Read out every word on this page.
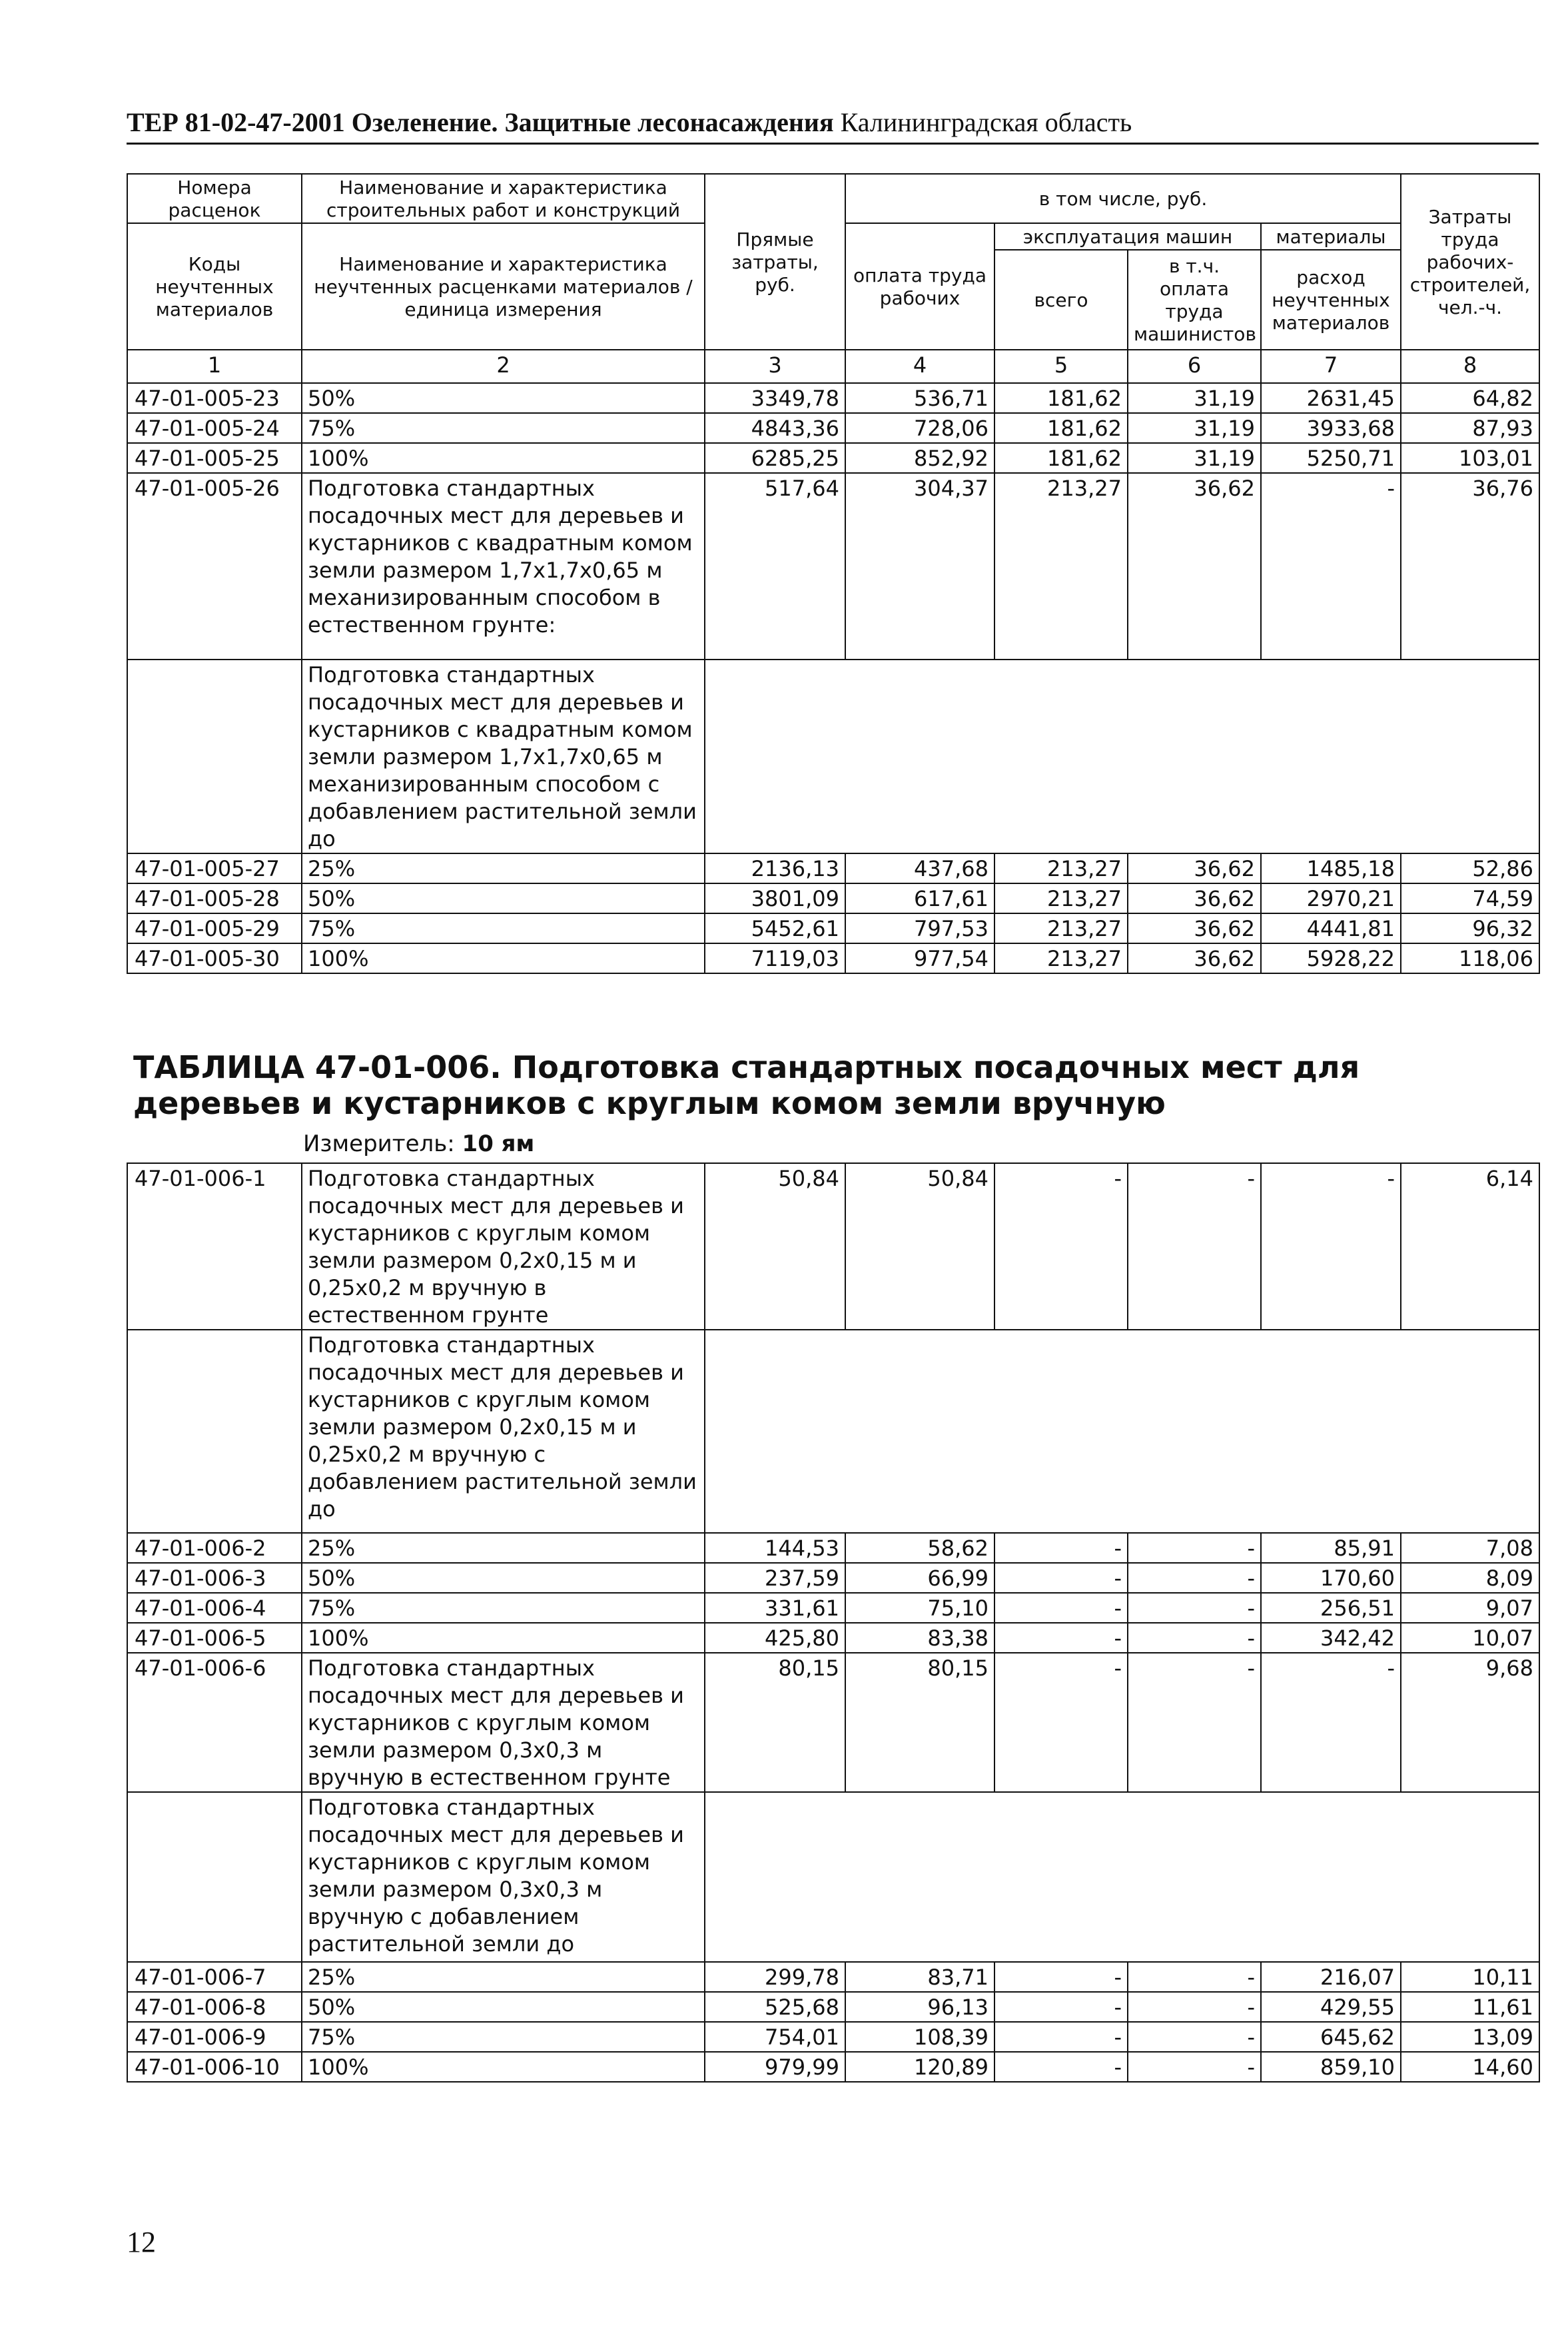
ТЕР 81-02-47-2001 Озеленение. Защитные лесонасаждения Калининградская область
Номера расценок	Наименование и характеристика строительных работ и конструкций	Прямые затраты, руб.	в том числе, руб.				Затраты труда рабочих-строителей, чел.-ч.
Коды неучтенных материалов	Наименование и характеристика неучтенных расценками материалов / единица измерения		оплата труда рабочих	эксплуатация машин		материалы	
				всего	в т.ч. оплата труда машинистов	расход неучтенных материалов	
1	2	3	4	5	6	7	8
47-01-005-23	50%	3349,78	536,71	181,62	31,19	2631,45	64,82
47-01-005-24	75%	4843,36	728,06	181,62	31,19	3933,68	87,93
47-01-005-25	100%	6285,25	852,92	181,62	31,19	5250,71	103,01
47-01-005-26	Подготовка стандартных посадочных мест для деревьев и кустарников с квадратным комом земли размером 1,7х1,7х0,65 м механизированным способом в естественном грунте:	517,64	304,37	213,27	36,62	-	36,76
	Подготовка стандартных посадочных мест для деревьев и кустарников с квадратным комом земли размером 1,7х1,7х0,65 м механизированным способом с добавлением растительной земли до						
47-01-005-27	25%	2136,13	437,68	213,27	36,62	1485,18	52,86
47-01-005-28	50%	3801,09	617,61	213,27	36,62	2970,21	74,59
47-01-005-29	75%	5452,61	797,53	213,27	36,62	4441,81	96,32
47-01-005-30	100%	7119,03	977,54	213,27	36,62	5928,22	118,06
ТАБЛИЦА 47-01-006. Подготовка стандартных посадочных мест для деревьев и кустарников с круглым комом земли вручную
Измеритель: 10 ям
47-01-006-1	Подготовка стандартных посадочных мест для деревьев и кустарников с круглым комом земли размером 0,2х0,15 м и 0,25х0,2 м вручную в естественном грунте	50,84	50,84	-	-	-	6,14
	Подготовка стандартных посадочных мест для деревьев и кустарников с круглым комом земли размером 0,2х0,15 м и 0,25х0,2 м вручную с добавлением растительной земли до						
47-01-006-2	25%	144,53	58,62	-	-	85,91	7,08
47-01-006-3	50%	237,59	66,99	-	-	170,60	8,09
47-01-006-4	75%	331,61	75,10	-	-	256,51	9,07
47-01-006-5	100%	425,80	83,38	-	-	342,42	10,07
47-01-006-6	Подготовка стандартных посадочных мест для деревьев и кустарников с круглым комом земли размером 0,3х0,3 м вручную в естественном грунте	80,15	80,15	-	-	-	9,68
	Подготовка стандартных посадочных мест для деревьев и кустарников с круглым комом земли размером 0,3х0,3 м вручную с добавлением растительной земли до						
47-01-006-7	25%	299,78	83,71	-	-	216,07	10,11
47-01-006-8	50%	525,68	96,13	-	-	429,55	11,61
47-01-006-9	75%	754,01	108,39	-	-	645,62	13,09
47-01-006-10	100%	979,99	120,89	-	-	859,10	14,60
12
